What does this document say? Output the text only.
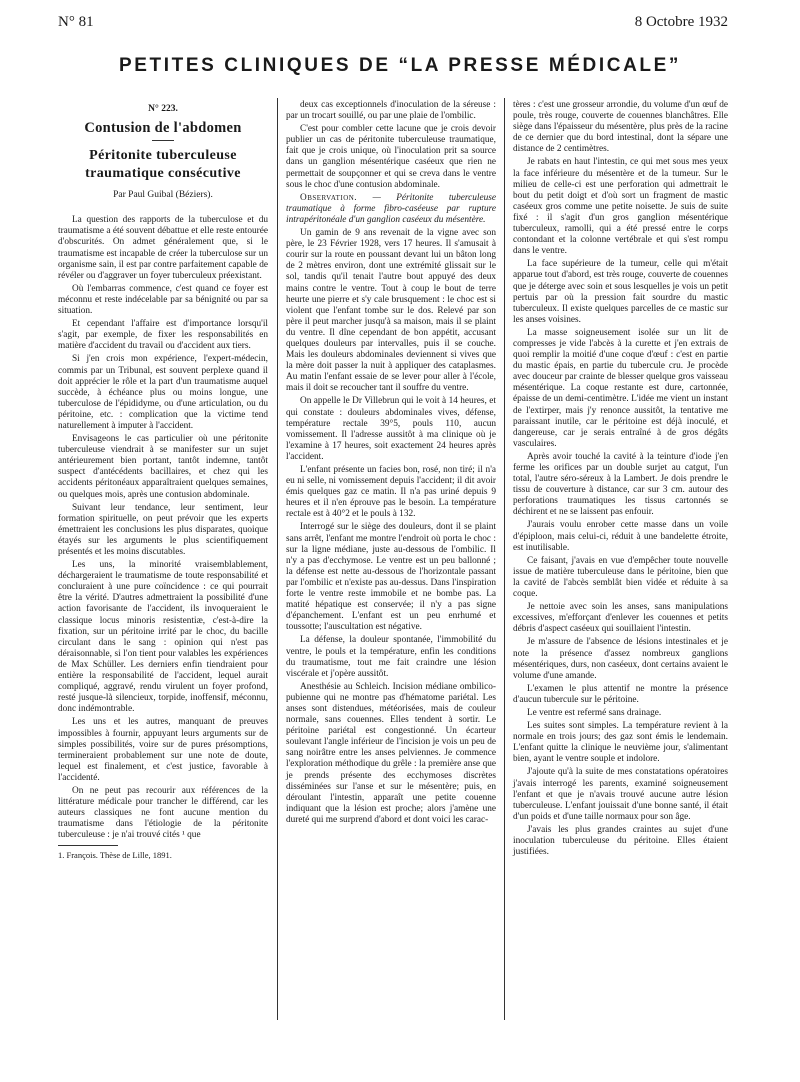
N° 81	8 Octobre 1932
PETITES CLINIQUES DE “LA PRESSE MÉDICALE”
N° 223.
Contusion de l'abdomen
Péritonite tuberculeuse traumatique consécutive
Par Paul Guibal (Béziers).

La question des rapports de la tuberculose et du traumatisme a été souvent débattue et elle reste entourée d'obscurités. On admet généralement que, si le traumatisme est incapable de créer la tuberculose sur un organisme sain, il est par contre parfaitement capable de révéler ou d'aggraver un foyer tuberculeux préexistant.

Où l'embarras commence, c'est quand ce foyer est méconnu et reste indécelable par sa bénignité ou par sa situation.

Et cependant l'affaire est d'importance lorsqu'il s'agit, par exemple, de fixer les responsabilités en matière d'accident du travail ou d'accident aux tiers.

Si j'en crois mon expérience, l'expert-médecin, commis par un Tribunal, est souvent perplexe quand il doit apprécier le rôle et la part d'un traumatisme auquel succède, à échéance plus ou moins longue, une tuberculose de l'épididyme, ou d'une articulation, ou du péritoine, etc. : complication que la victime tend naturellement à imputer à l'accident.

Envisageons le cas particulier où une péritonite tuberculeuse viendrait à se manifester sur un sujet antérieurement bien portant, tantôt indemne, tantôt suspect d'antécédents bacillaires, et chez qui les accidents péritonéaux apparaîtraient quelques semaines, ou quelques mois, après une contusion abdominale.

Suivant leur tendance, leur sentiment, leur formation spirituelle, on peut prévoir que les experts émettraient les conclusions les plus disparates, quoique étayés sur les arguments le plus scientifiquement présentés et les moins discutables.

Les uns, la minorité vraisemblablement, déchargeraient le traumatisme de toute responsabilité et concluraient à une pure coïncidence : ce qui pourrait être la vérité. D'autres admettraient la possibilité d'une action favorisante de l'accident, ils invoqueraient le classique locus minoris resistentiæ, c'est-à-dire la fixation, sur un péritoine irrité par le choc, du bacille circulant dans le sang : opinion qui n'est pas déraisonnable, si l'on tient pour valables les expériences de Max Schüller. Les derniers enfin tiendraient pour entière la responsabilité de l'accident, lequel aurait compliqué, aggravé, rendu virulent un foyer profond, resté jusque-là silencieux, torpide, inoffensif, méconnu, donc indémontrable.

Les uns et les autres, manquant de preuves impossibles à fournir, appuyant leurs arguments sur de simples possibilités, voire sur de pures présomptions, termineraient probablement sur une note de doute, lequel est finalement, et c'est justice, favorable à l'accidenté.

On ne peut pas recourir aux références de la littérature médicale pour trancher le différend, car les auteurs classiques ne font aucune mention du traumatisme dans l'étiologie de la péritonite tuberculeuse : je n'ai trouvé cités ¹ que

1. François. Thèse de Lille, 1891.

deux cas exceptionnels d'inoculation de la séreuse : par un trocart souillé, ou par une plaie de l'ombilic.

C'est pour combler cette lacune que je crois devoir publier un cas de péritonite tuberculeuse traumatique, fait que je crois unique, où l'inoculation prit sa source dans un ganglion mésentérique caséeux que rien ne permettait de soupçonner et qui se creva dans le ventre sous le choc d'une contusion abdominale.

Observation. — Péritonite tuberculeuse traumatique à forme fibro-caséeuse par rupture intrapéritonéale d'un ganglion caséeux du mésentère.

Un gamin de 9 ans revenait de la vigne avec son père, le 23 Février 1928, vers 17 heures. Il s'amusait à courir sur la route en poussant devant lui un bâton long de 2 mètres environ, dont une extrémité glissait sur le sol, tandis qu'il tenait l'autre bout appuyé des deux mains contre le ventre. Tout à coup le bout de terre heurte une pierre et s'y cale brusquement : le choc est si violent que l'enfant tombe sur le dos. Relevé par son père il peut marcher jusqu'à sa maison, mais il se plaint du ventre. Il dîne cependant de bon appétit, accusant quelques douleurs par intervalles, puis il se couche. Mais les douleurs abdominales deviennent si vives que la mère doit passer la nuit à appliquer des cataplasmes. Au matin l'enfant essaie de se lever pour aller à l'école, mais il doit se recoucher tant il souffre du ventre.

On appelle le Dr Villebrun qui le voit à 14 heures, et qui constate : douleurs abdominales vives, défense, température rectale 39°5, pouls 110, aucun vomissement. Il l'adresse aussitôt à ma clinique où je l'examine à 17 heures, soit exactement 24 heures après l'accident.

L'enfant présente un facies bon, rosé, non tiré; il n'a eu ni selle, ni vomissement depuis l'accident; il dit avoir émis quelques gaz ce matin. Il n'a pas uriné depuis 9 heures et il n'en éprouve pas le besoin. La température rectale est à 40°2 et le pouls à 132.

Interrogé sur le siège des douleurs, dont il se plaint sans arrêt, l'enfant me montre l'endroit où porta le choc : sur la ligne médiane, juste au-dessous de l'ombilic. Il n'y a pas d'ecchymose. Le ventre est un peu ballonné ; la défense est nette au-dessous de l'horizontale passant par l'ombilic et n'existe pas au-dessus. Dans l'inspiration forte le ventre reste immobile et ne bombe pas. La matité hépatique est conservée; il n'y a pas signe d'épanchement. L'enfant est un peu enrhumé et toussotte; l'auscultation est négative.

La défense, la douleur spontanée, l'immobilité du ventre, le pouls et la température, enfin les conditions du traumatisme, tout me fait craindre une lésion viscérale et j'opère aussitôt.

Anesthésie au Schleich. Incision médiane ombilico-pubienne qui ne montre pas d'hématome pariétal. Les anses sont distendues, météorisées, mais de couleur normale, sans couennes. Elles tendent à sortir. Le péritoine pariétal est congestionné. Un écarteur soulevant l'angle inférieur de l'incision je vois un peu de sang noirâtre entre les anses pelviennes. Je commence l'exploration méthodique du grêle : la première anse que je prends présente des ecchymoses discrètes disséminées sur l'anse et sur le mésentère; puis, en déroulant l'intestin, apparaît une petite couenne indiquant que la lésion est proche; alors j'amène une dureté qui me surprend d'abord et dont voici les carac-

tères : c'est une grosseur arrondie, du volume d'un œuf de poule, très rouge, couverte de couennes blanchâtres. Elle siège dans l'épaisseur du mésentère, plus près de la racine de ce dernier que du bord intestinal, dont la sépare une distance de 2 centimètres.

Je rabats en haut l'intestin, ce qui met sous mes yeux la face inférieure du mésentère et de la tumeur. Sur le milieu de celle-ci est une perforation qui admettrait le bout du petit doigt et d'où sort un fragment de mastic caséeux gros comme une petite noisette. Je suis de suite fixé : il s'agit d'un gros ganglion mésentérique tuberculeux, ramolli, qui a été pressé entre le corps contondant et la colonne vertébrale et qui s'est rompu dans le ventre.

La face supérieure de la tumeur, celle qui m'était apparue tout d'abord, est très rouge, couverte de couennes que je déterge avec soin et sous lesquelles je vois un petit pertuis par où la pression fait sourdre du mastic tuberculeux. Il existe quelques parcelles de ce mastic sur les anses voisines.

La masse soigneusement isolée sur un lit de compresses je vide l'abcès à la curette et j'en extrais de quoi remplir la moitié d'une coque d'œuf : c'est en partie du mastic épais, en partie du tubercule cru. Je procède avec douceur par crainte de blesser quelque gros vaisseau mésentérique. La coque restante est dure, cartonnée, épaisse de un demi-centimètre. L'idée me vient un instant de l'extirper, mais j'y renonce aussitôt, la tentative me paraissant inutile, car le péritoine est déjà inoculé, et dangereuse, car je serais entraîné à de gros dégâts vasculaires.

Après avoir touché la cavité à la teinture d'iode j'en ferme les orifices par un double surjet au catgut, l'un total, l'autre séro-séreux à la Lambert. Je dois prendre le tissu de couverture à distance, car sur 3 cm. autour des perforations traumatiques les tissus cartonnés se déchirent et ne se laissent pas enfouir.

J'aurais voulu enrober cette masse dans un voile d'épiploon, mais celui-ci, réduit à une bandelette étroite, est inutilisable.

Ce faisant, j'avais en vue d'empêcher toute nouvelle issue de matière tuberculeuse dans le péritoine, bien que la cavité de l'abcès semblât bien vidée et réduite à sa coque.

Je nettoie avec soin les anses, sans manipulations excessives, m'efforçant d'enlever les couennes et petits débris d'aspect caséeux qui souillaient l'intestin.

Je m'assure de l'absence de lésions intestinales et je note la présence d'assez nombreux ganglions mésentériques, durs, non caséeux, dont certains avaient le volume d'une amande.

L'examen le plus attentif ne montre la présence d'aucun tubercule sur le péritoine.

Le ventre est refermé sans drainage.

Les suites sont simples. La température revient à la normale en trois jours; des gaz sont émis le lendemain. L'enfant quitte la clinique le neuvième jour, s'alimentant bien, ayant le ventre souple et indolore.

J'ajoute qu'à la suite de mes constatations opératoires j'avais interrogé les parents, examiné soigneusement l'enfant et que je n'avais trouvé aucune autre lésion tuberculeuse. L'enfant jouissait d'une bonne santé, il était d'un poids et d'une taille normaux pour son âge.

J'avais les plus grandes craintes au sujet d'une inoculation tuberculeuse du péritoine. Elles étaient justifiées.
